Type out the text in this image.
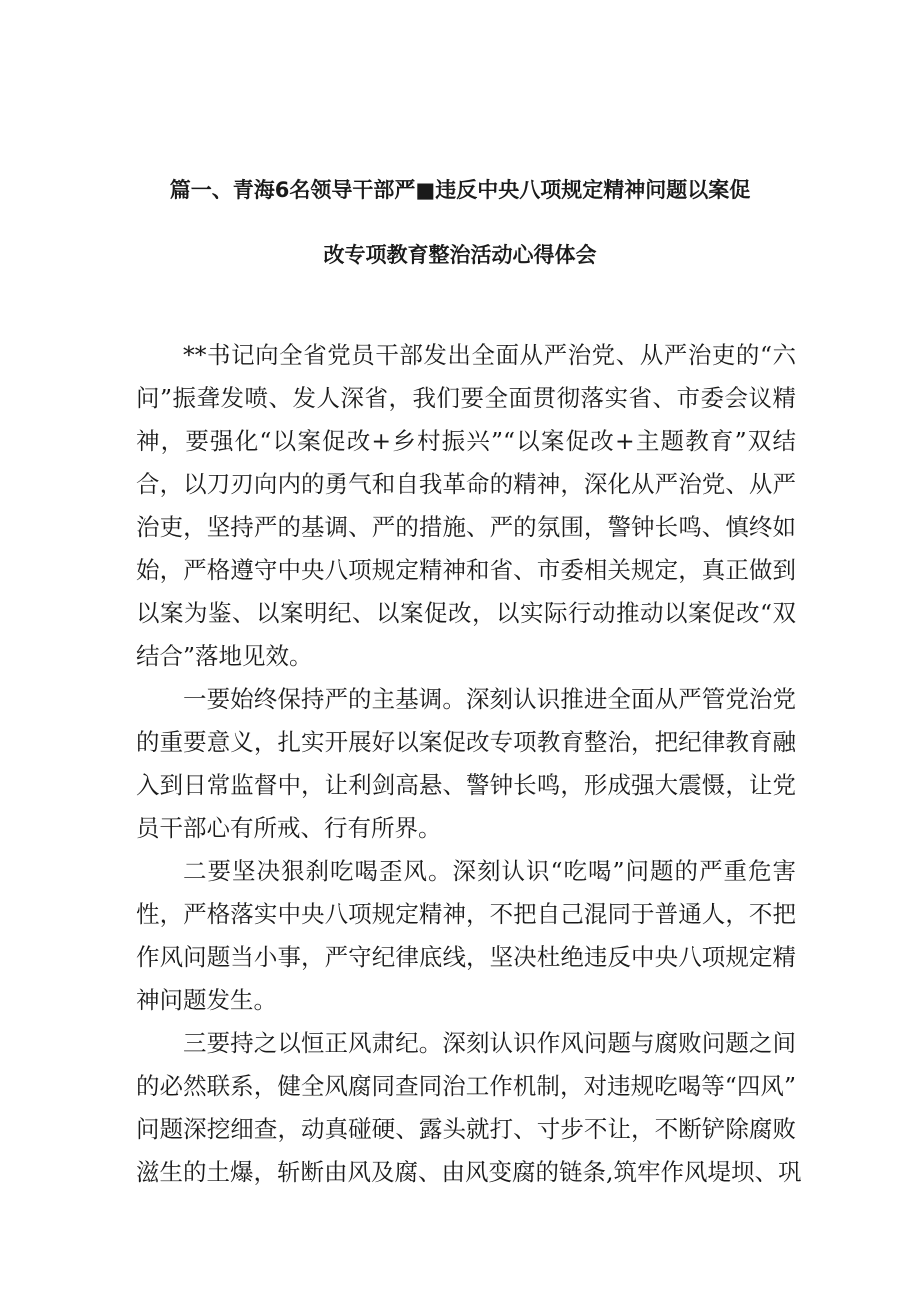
篇一、青海6名领导干部严■违反中央八项规定精神问题以案促
改专项教育整治活动心得体会
**书记向全省党员干部发出全面从严治党、从严治吏的“六
问”振聋发喷、发人深省，我们要全面贯彻落实省、市委会议精
神，要强化“以案促改+乡村振兴”“以案促改+主题教育”双结
合，以刀刃向内的勇气和自我革命的精神，深化从严治党、从严
治吏，坚持严的基调、严的措施、严的氛围，警钟长鸣、慎终如
始，严格遵守中央八项规定精神和省、市委相关规定，真正做到
以案为鉴、以案明纪、以案促改，以实际行动推动以案促改“双
结合”落地见效。
一要始终保持严的主基调。深刻认识推进全面从严管党治党
的重要意义，扎实开展好以案促改专项教育整治，把纪律教育融
入到日常监督中，让利剑高悬、警钟长鸣，形成强大震慑，让党
员干部心有所戒、行有所界。
二要坚决狠刹吃喝歪风。深刻认识“吃喝”问题的严重危害
性，严格落实中央八项规定精神，不把自己混同于普通人，不把
作风问题当小事，严守纪律底线，坚决杜绝违反中央八项规定精
神问题发生。
三要持之以恒正风肃纪。深刻认识作风问题与腐败问题之间
的必然联系，健全风腐同查同治工作机制，对违规吃喝等“四风”
问题深挖细查，动真碰硬、露头就打、寸步不让，不断铲除腐败
滋生的土爆，斩断由风及腐、由风变腐的链条,筑牢作风堤坝、巩
